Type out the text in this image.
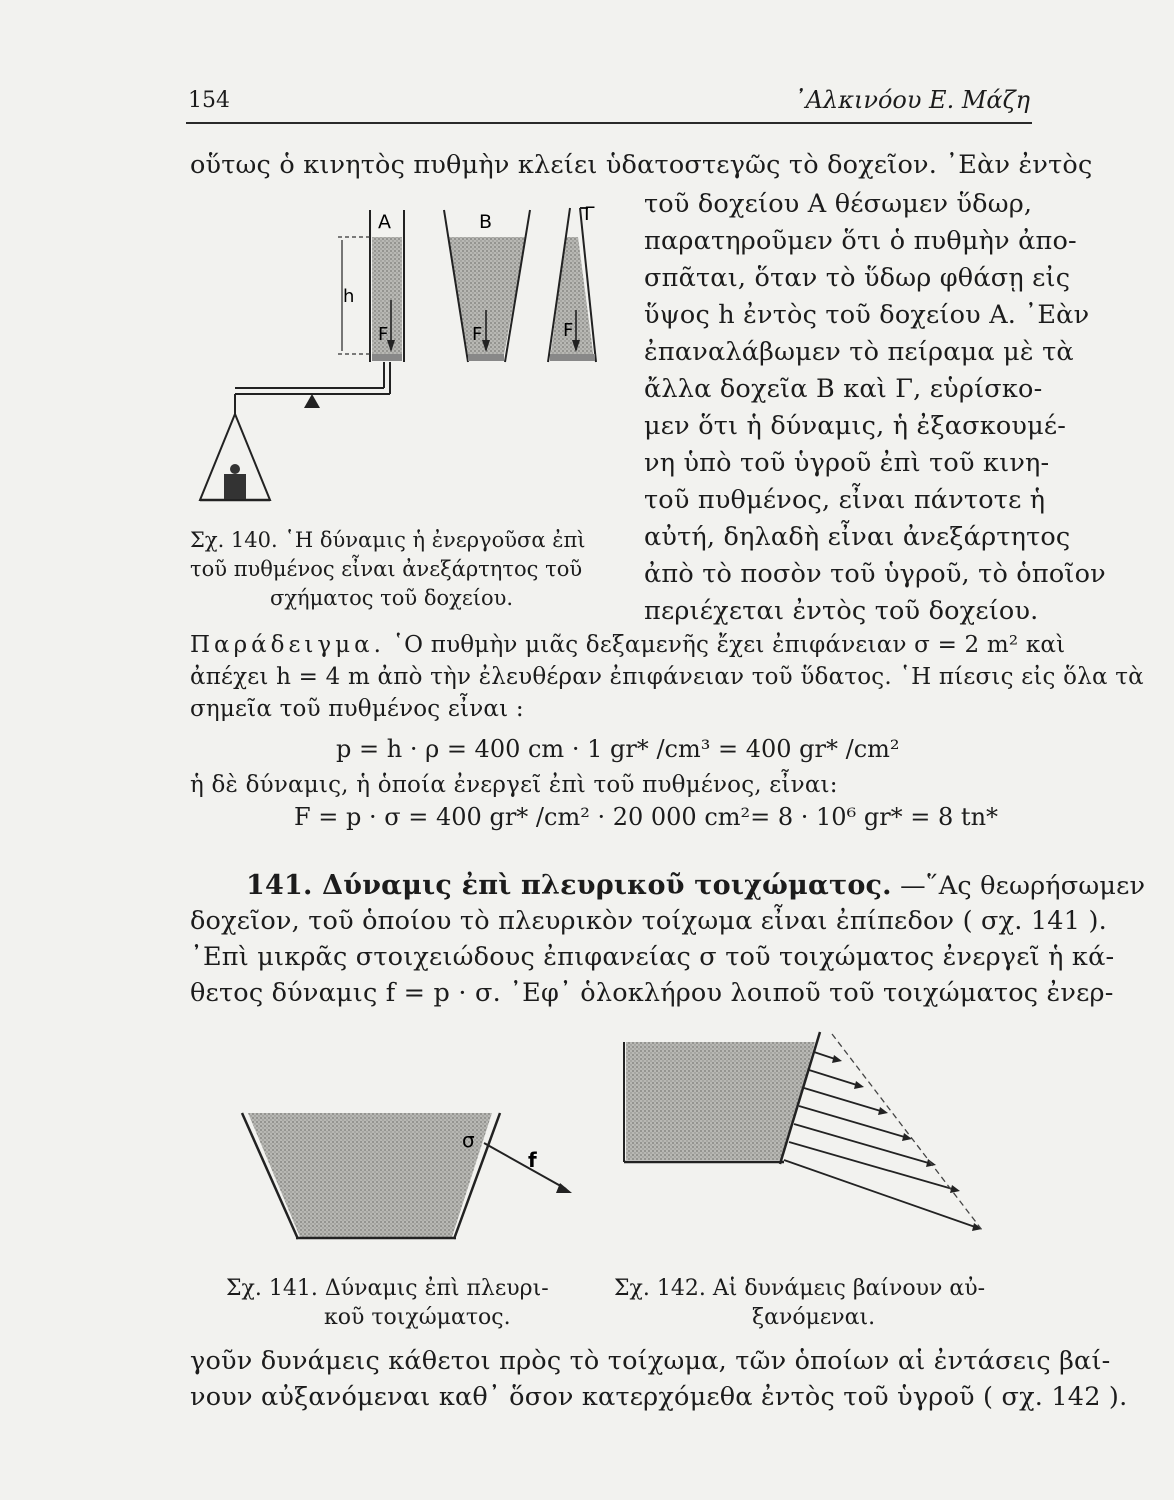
154	᾿Αλκινόου Ε. Μάζη
οὕτως ὁ κινητὸς πυθμὴν κλείει ὑδατοστεγῶς τὸ δοχεῖον. ᾿Εὰν ἐντὸς
τοῦ δοχείου Α θέσωμεν ὕδωρ,
παρατηροῦμεν ὅτι ὁ πυθμὴν ἀπο-
σπᾶται, ὅταν τὸ ὕδωρ φθάσῃ εἰς
ὕψος h ἐντὸς τοῦ δοχείου Α. ᾿Εὰν
ἐπαναλάβωμεν τὸ πείραμα μὲ τὰ
ἄλλα δοχεῖα Β καὶ Γ, εὑρίσκο-
μεν ὅτι ἡ δύναμις, ἡ ἐξασκουμέ-
νη ὑπὸ τοῦ ὑγροῦ ἐπὶ τοῦ κινη-
τοῦ πυθμένος, εἶναι πάντοτε ἡ
αὐτή, δηλαδὴ εἶναι ἀνεξάρτητος
ἀπὸ τὸ ποσὸν τοῦ ὑγροῦ, τὸ ὁποῖον
περιέχεται ἐντὸς τοῦ δοχείου.
Α	Β	Γ
h
F	F	F
Σχ. 140. ῾Η δύναμις ἡ ἐνεργοῦσα ἐπὶ
τοῦ πυθμένος εἶναι ἀνεξάρτητος τοῦ
σχήματος τοῦ δοχείου.
Παράδειγμα. ῾Ο πυθμὴν μιᾶς δεξαμενῆς ἔχει ἐπιφάνειαν σ = 2 m² καὶ
ἀπέχει h = 4 m ἀπὸ τὴν ἐλευθέραν ἐπιφάνειαν τοῦ ὕδατος. ῾Η πίεσις εἰς ὅλα τὰ
σημεῖα τοῦ πυθμένος εἶναι :
p = h · ρ = 400 cm · 1 gr* /cm³ = 400 gr* /cm²
ἡ δὲ δύναμις, ἡ ὁποία ἐνεργεῖ ἐπὶ τοῦ πυθμένος, εἶναι:
F = p · σ = 400 gr* /cm² · 20 000 cm²= 8 · 10⁶ gr* = 8 tn*
141. Δύναμις ἐπὶ πλευρικοῦ τοιχώματος. —῞Ας θεωρήσωμεν
δοχεῖον, τοῦ ὁποίου τὸ πλευρικὸν τοίχωμα εἶναι ἐπίπεδον ( σχ. 141 ).
᾿Επὶ μικρᾶς στοιχειώδους ἐπιφανείας σ τοῦ τοιχώματος ἐνεργεῖ ἡ κά-
θετος δύναμις f = p · σ. ᾿Εφ᾿ ὁλοκλήρου λοιποῦ τοῦ τοιχώματος ἐνερ-
σ
f
Σχ. 141. Δύναμις ἐπὶ πλευρι-
κοῦ τοιχώματος.
Σχ. 142. Αἱ δυνάμεις βαίνουν αὐ-
ξανόμεναι.
γοῦν δυνάμεις κάθετοι πρὸς τὸ τοίχωμα, τῶν ὁποίων αἱ ἐντάσεις βαί-
νουν αὐξανόμεναι καθ᾿ ὅσον κατερχόμεθα ἐντὸς τοῦ ὑγροῦ ( σχ. 142 ).
